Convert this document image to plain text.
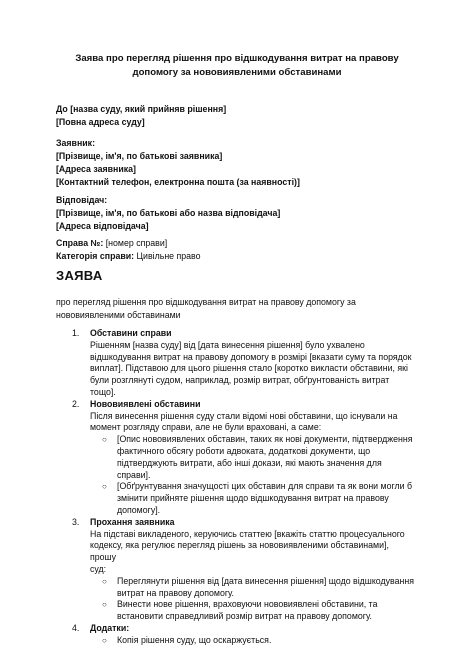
Заява про перегляд рішення про відшкодування витрат на правову
допомогу за нововиявленими обставинами
До [назва суду, який прийняв рішення]
[Повна адреса суду]
Заявник:
[Прізвище, ім'я, по батькові заявника]
[Адреса заявника]
[Контактний телефон, електронна пошта (за наявності)]
Відповідач:
[Прізвище, ім'я, по батькові або назва відповідача]
[Адреса відповідача]
Справа №: [номер справи]
Категорія справи: Цивільне право
ЗАЯВА
про перегляд рішення про відшкодування витрат на правову допомогу за
нововиявленими обставинами
1. Обставини справи
Рішенням [назва суду] від [дата винесення рішення] було ухвалено
відшкодування витрат на правову допомогу в розмірі [вказати суму та порядок
виплат]. Підставою для цього рішення стало [коротко викласти обставини, які
були розглянуті судом, наприклад, розмір витрат, обґрунтованість витрат тощо].
2. Нововиявлені обставини
Після винесення рішення суду стали відомі нові обставини, що існували на
момент розгляду справи, але не були враховані, а саме:
○ [Опис нововиявлених обставин, таких як нові документи, підтвердження
фактичного обсягу роботи адвоката, додаткові документи, що
підтверджують витрати, або інші докази, які мають значення для справи].
○ [Обґрунтування значущості цих обставин для справи та як вони могли б
змінити прийняте рішення щодо відшкодування витрат на правову
допомогу].
3. Прохання заявника
На підставі викладеного, керуючись статтею [вкажіть статтю процесуального
кодексу, яка регулює перегляд рішень за нововиявленими обставинами], прошу
суд:
○ Переглянути рішення від [дата винесення рішення] щодо відшкодування
витрат на правову допомогу.
○ Винести нове рішення, враховуючи нововиявлені обставини, та
встановити справедливий розмір витрат на правову допомогу.
4. Додатки:
○ Копія рішення суду, що оскаржується.
